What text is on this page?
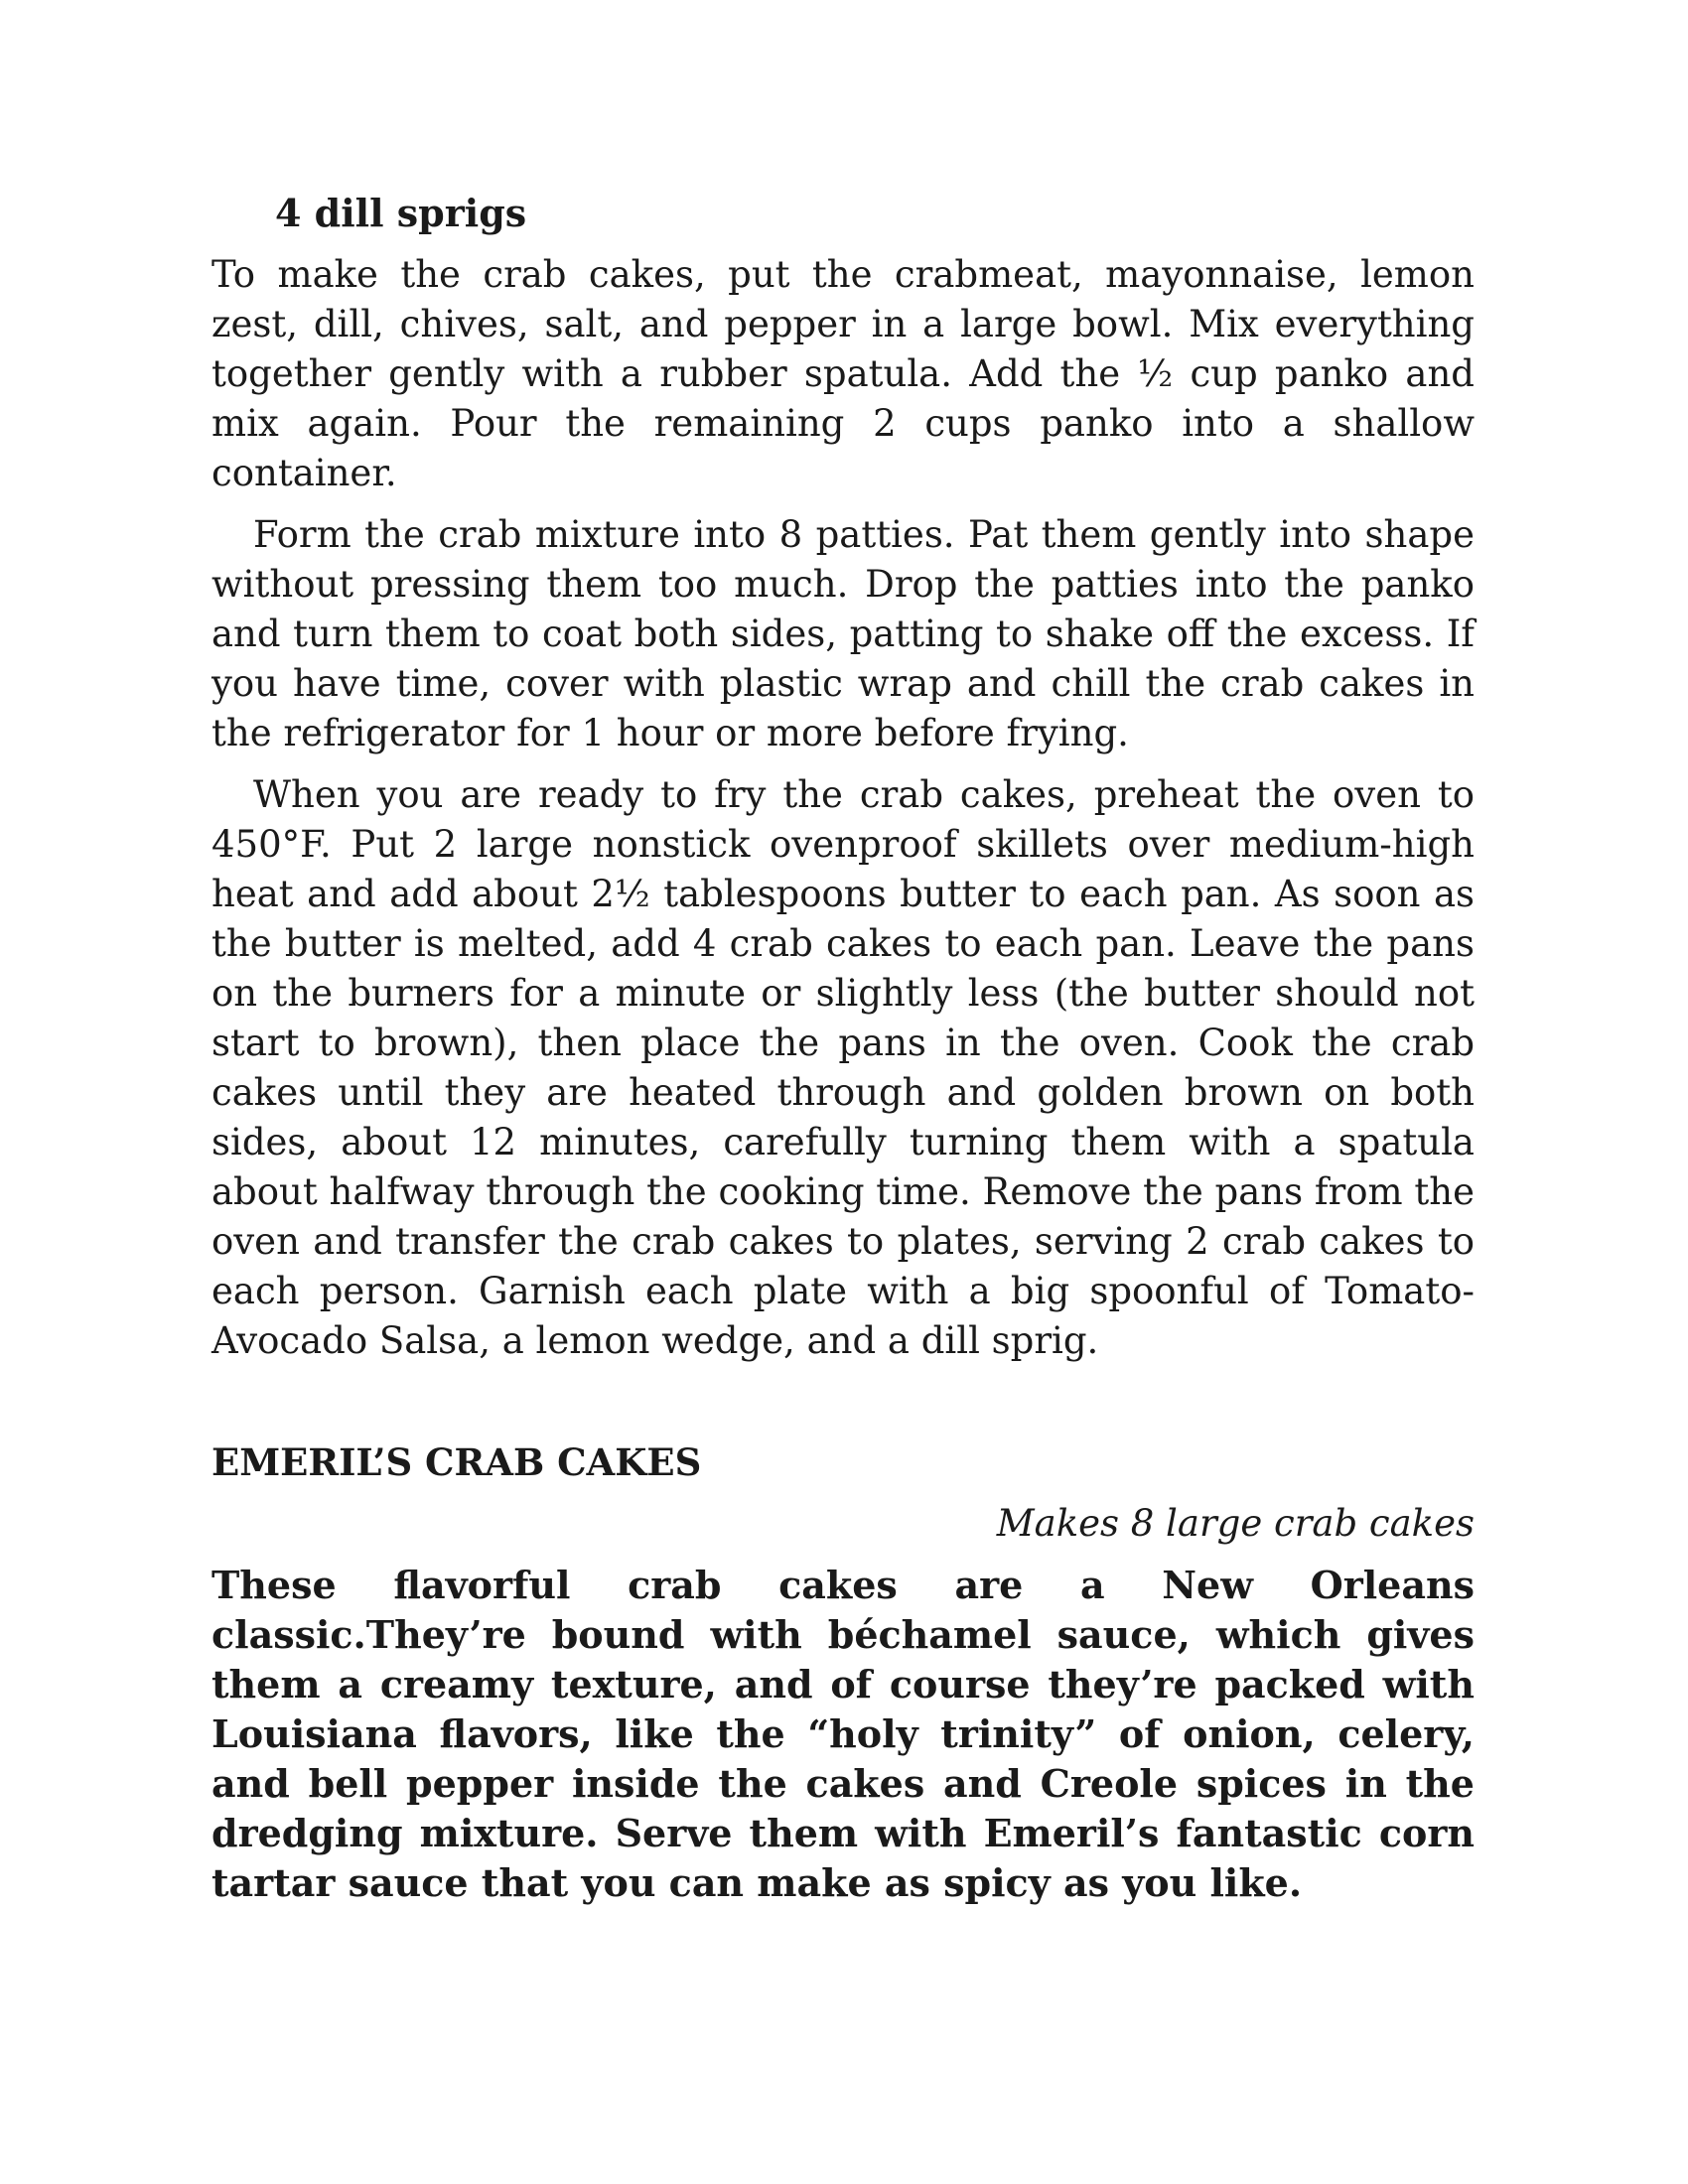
4 dill sprigs

To make the crab cakes, put the crabmeat, mayonnaise, lemon zest, dill, chives, salt, and pepper in a large bowl. Mix everything together gently with a rubber spatula. Add the ½ cup panko and mix again. Pour the remaining 2 cups panko into a shallow container.

Form the crab mixture into 8 patties. Pat them gently into shape without pressing them too much. Drop the patties into the panko and turn them to coat both sides, patting to shake off the excess. If you have time, cover with plastic wrap and chill the crab cakes in the refrigerator for 1 hour or more before frying.

When you are ready to fry the crab cakes, preheat the oven to 450°F. Put 2 large nonstick ovenproof skillets over medium-high heat and add about 2½ tablespoons butter to each pan. As soon as the butter is melted, add 4 crab cakes to each pan. Leave the pans on the burners for a minute or slightly less (the butter should not start to brown), then place the pans in the oven. Cook the crab cakes until they are heated through and golden brown on both sides, about 12 minutes, carefully turning them with a spatula about halfway through the cooking time. Remove the pans from the oven and transfer the crab cakes to plates, serving 2 crab cakes to each person. Garnish each plate with a big spoonful of Tomato-Avocado Salsa, a lemon wedge, and a dill sprig.

EMERIL’S CRAB CAKES
Makes 8 large crab cakes

These flavorful crab cakes are a New Orleans classic.They’re bound with béchamel sauce, which gives them a creamy texture, and of course they’re packed with Louisiana flavors, like the “holy trinity” of onion, celery, and bell pepper inside the cakes and Creole spices in the dredging mixture. Serve them with Emeril’s fantastic corn tartar sauce that you can make as spicy as you like.
